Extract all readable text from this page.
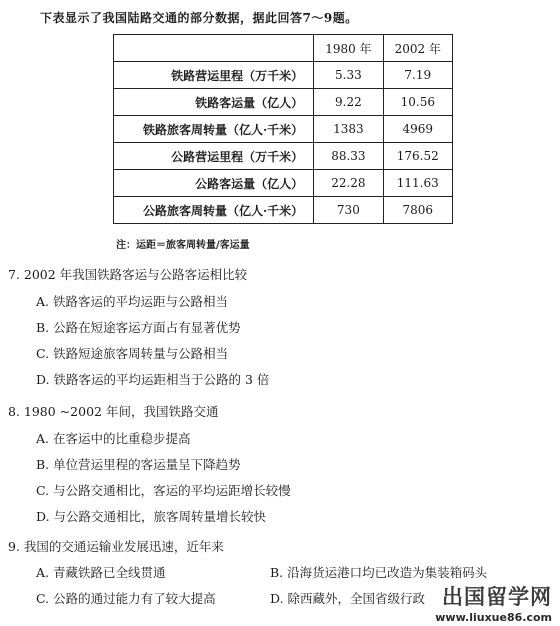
下表显示了我国陆路交通的部分数据，据此回答7～9题。
	1980 年	2002 年
铁路营运里程（万千米）	5.33	7.19
铁路客运量（亿人）	9.22	10.56
铁路旅客周转量（亿人·千米）	1383	4969
公路营运里程（万千米）	88.33	176.52
公路客运量（亿人）	22.28	111.63
公路旅客周转量（亿人·千米）	730	7806
注：运距＝旅客周转量/客运量
7. 2002 年我国铁路客运与公路客运相比较
A. 铁路客运的平均运距与公路相当
B. 公路在短途客运方面占有显著优势
C. 铁路短途旅客周转量与公路相当
D. 铁路客运的平均运距相当于公路的 3 倍
8. 1980 ~2002 年间，我国铁路交通
A. 在客运中的比重稳步提高
B. 单位营运里程的客运量呈下降趋势
C. 与公路交通相比，客运的平均运距增长较慢
D. 与公路交通相比，旅客周转量增长较快
9. 我国的交通运输业发展迅速，近年来
A. 青藏铁路已全线贯通	B. 沿海货运港口均已改造为集装箱码头
C. 公路的通过能力有了较大提高	D. 除西藏外，全国省级行政 出国留学网
www.liuxue86.com
